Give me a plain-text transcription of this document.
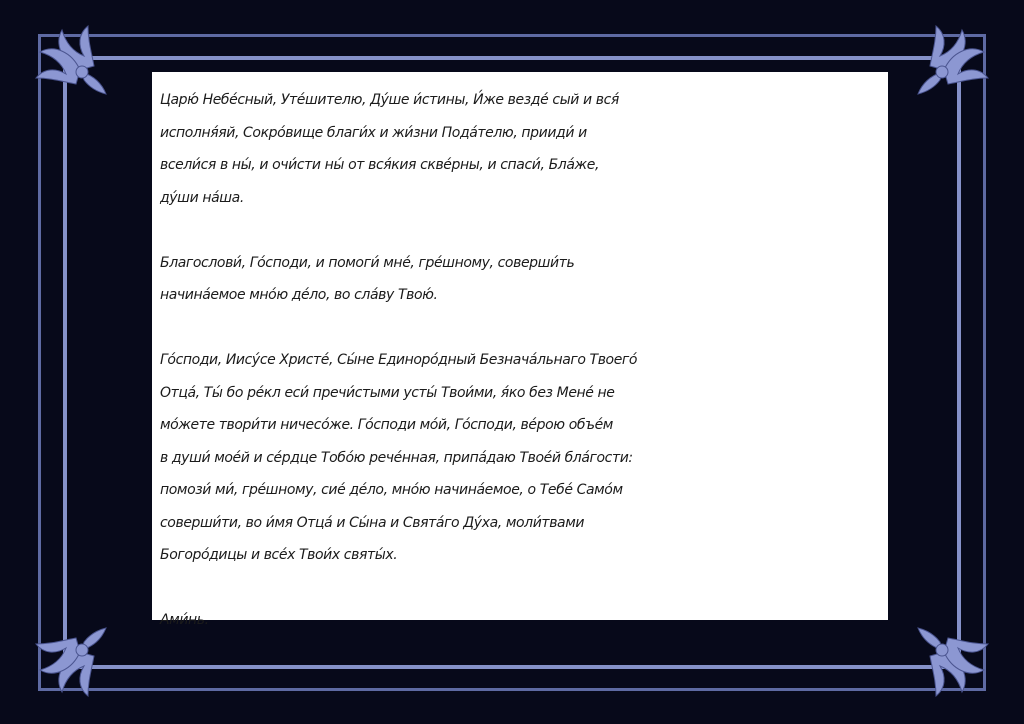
Царю́ Небе́сный, Уте́шителю, Ду́ше и́стины, И́же везде́ сый и вся́
исполня́яй, Сокро́вище благи́х и жи́зни Пода́телю, прииди́ и
всели́ся в ны́, и очи́сти ны́ от вся́кия скве́рны, и спаси́, Бла́же,
ду́ши на́ша.

Благослови́, Го́споди, и помоги́ мне́, гре́шному, соверши́ть
начина́емое мно́ю де́ло, во сла́ву Твою́.

Го́споди, Иису́се Христе́, Сы́не Единоро́дный Безнача́льнаго Твоего́
Отца́, Ты́ бо ре́кл еси́ пречи́стыми усты́ Твои́ми, я́ко без Мене́ не
мо́жете твори́ти ничесо́же. Го́споди мо́й, Го́споди, ве́рою объе́м
в души́ мое́й и се́рдце Тобо́ю рече́нная, припа́даю Твое́й бла́гости:
помози́ ми́, гре́шному, сие́ де́ло, мно́ю начина́емое, о Тебе́ Само́м
соверши́ти, во и́мя Отца́ и Сы́на и Свята́го Ду́ха, моли́твами
Богоро́дицы и все́х Твои́х святы́х.

Ами́нь.
